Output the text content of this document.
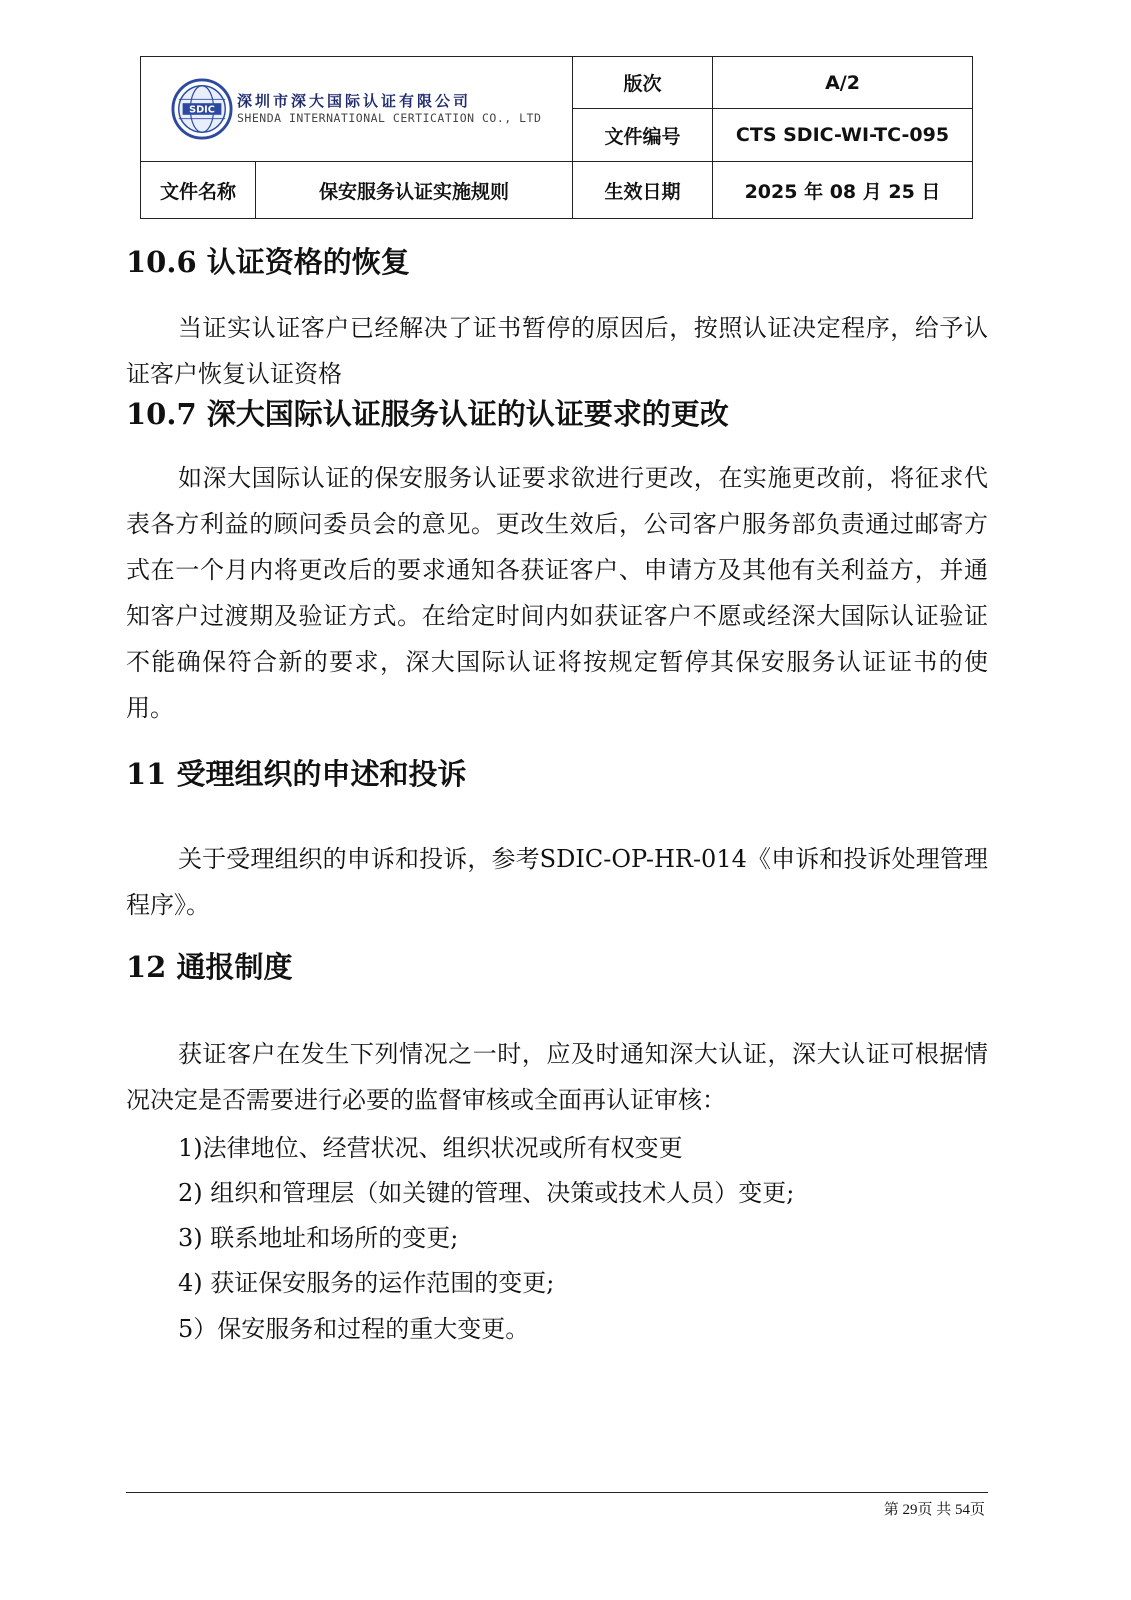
SDIC
深圳市深大国际认证有限公司
SHENDA INTERNATIONAL CERTICATION CO., LTD		版次	A/2
		文件编号	CTS SDIC-WI-TC-095
文件名称	保安服务认证实施规则	生效日期	2025 年 08 月 25 日
10.6 认证资格的恢复
当证实认证客户已经解决了证书暂停的原因后，按照认证决定程序，给予认证客户恢复认证资格
10.7 深大国际认证服务认证的认证要求的更改
如深大国际认证的保安服务认证要求欲进行更改，在实施更改前，将征求代表各方利益的顾问委员会的意见。更改生效后，公司客户服务部负责通过邮寄方式在一个月内将更改后的要求通知各获证客户、申请方及其他有关利益方，并通知客户过渡期及验证方式。在给定时间内如获证客户不愿或经深大国际认证验证不能确保符合新的要求，深大国际认证将按规定暂停其保安服务认证证书的使用。
11 受理组织的申述和投诉
关于受理组织的申诉和投诉，参考SDIC-OP-HR-014《申诉和投诉处理管理程序》。
12 通报制度
获证客户在发生下列情况之一时，应及时通知深大认证，深大认证可根据情况决定是否需要进行必要的监督审核或全面再认证审核：
1)法律地位、经营状况、组织状况或所有权变更
2) 组织和管理层（如关键的管理、决策或技术人员）变更;
3) 联系地址和场所的变更;
4) 获证保安服务的运作范围的变更;
5）保安服务和过程的重大变更。
第 29页 共 54页
